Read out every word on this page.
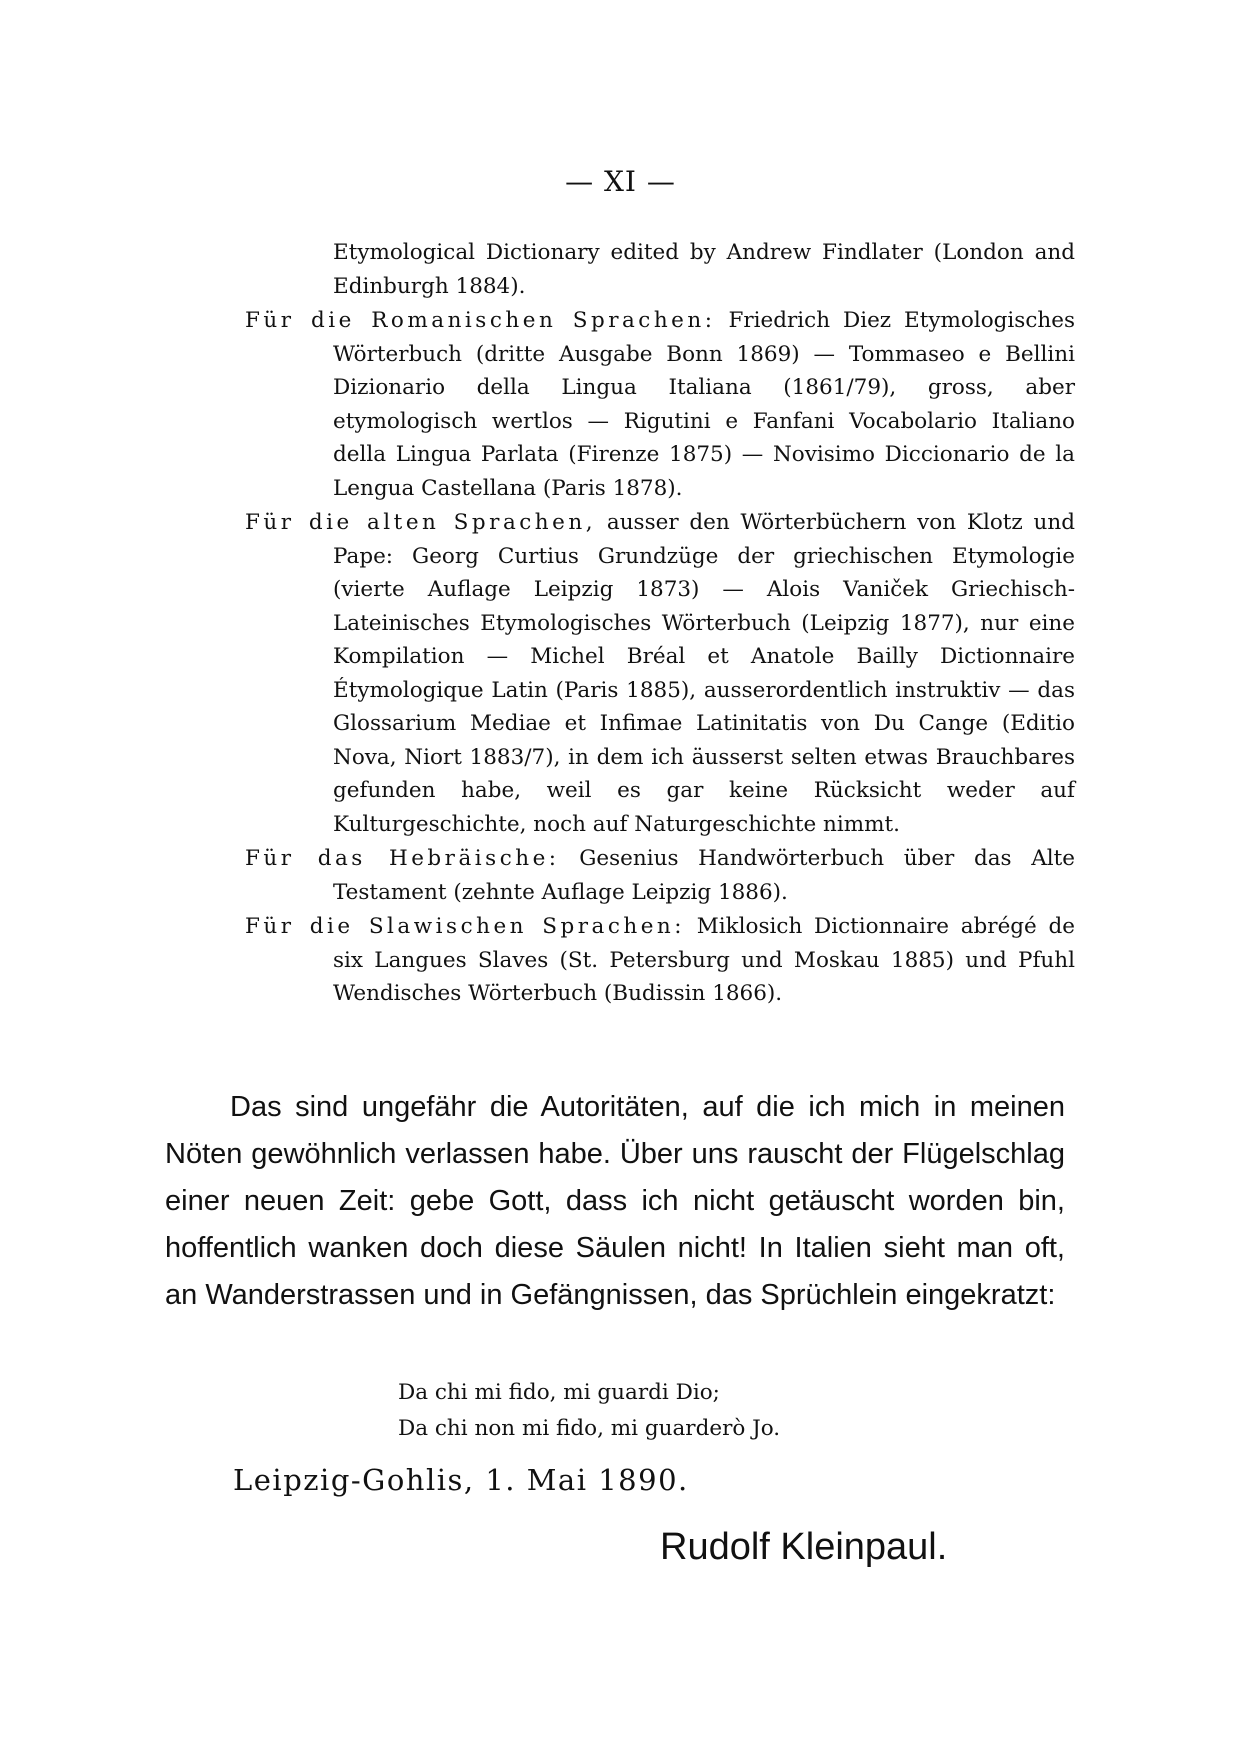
— XI —

Etymological Dictionary edited by Andrew Findlater (London and Edinburgh 1884).

Für die Romanischen Sprachen: Friedrich Diez Etymologisches Wörterbuch (dritte Ausgabe Bonn 1869) — Tommaseo e Bellini Dizionario della Lingua Italiana (1861/79), gross, aber etymologisch wertlos — Rigutini e Fanfani Vocabolario Italiano della Lingua Parlata (Firenze 1875) — Novisimo Diccionario de la Lengua Castellana (Paris 1878).

Für die alten Sprachen, ausser den Wörterbüchern von Klotz und Pape: Georg Curtius Grundzüge der griechischen Etymologie (vierte Auflage Leipzig 1873) — Alois Vaniček Griechisch-Lateinisches Etymologisches Wörterbuch (Leipzig 1877), nur eine Kompilation — Michel Bréal et Anatole Bailly Dictionnaire Étymologique Latin (Paris 1885), ausserordentlich instruktiv — das Glossarium Mediae et Infimae Latinitatis von Du Cange (Editio Nova, Niort 1883/7), in dem ich äusserst selten etwas Brauchbares gefunden habe, weil es gar keine Rücksicht weder auf Kulturgeschichte, noch auf Naturgeschichte nimmt.

Für das Hebräische: Gesenius Handwörterbuch über das Alte Testament (zehnte Auflage Leipzig 1886).

Für die Slawischen Sprachen: Miklosich Dictionnaire abrégé de six Langues Slaves (St. Petersburg und Moskau 1885) und Pfuhl Wendisches Wörterbuch (Budissin 1866).

Das sind ungefähr die Autoritäten, auf die ich mich in meinen Nöten gewöhnlich verlassen habe. Über uns rauscht der Flügelschlag einer neuen Zeit: gebe Gott, dass ich nicht getäuscht worden bin, hoffentlich wanken doch diese Säulen nicht! In Italien sieht man oft, an Wanderstrassen und in Gefängnissen, das Sprüchlein eingekratzt:

Da chi mi fido, mi guardi Dio;
Da chi non mi fido, mi guarderò Jo.
Leipzig-Gohlis, 1. Mai 1890.
Rudolf Kleinpaul.
